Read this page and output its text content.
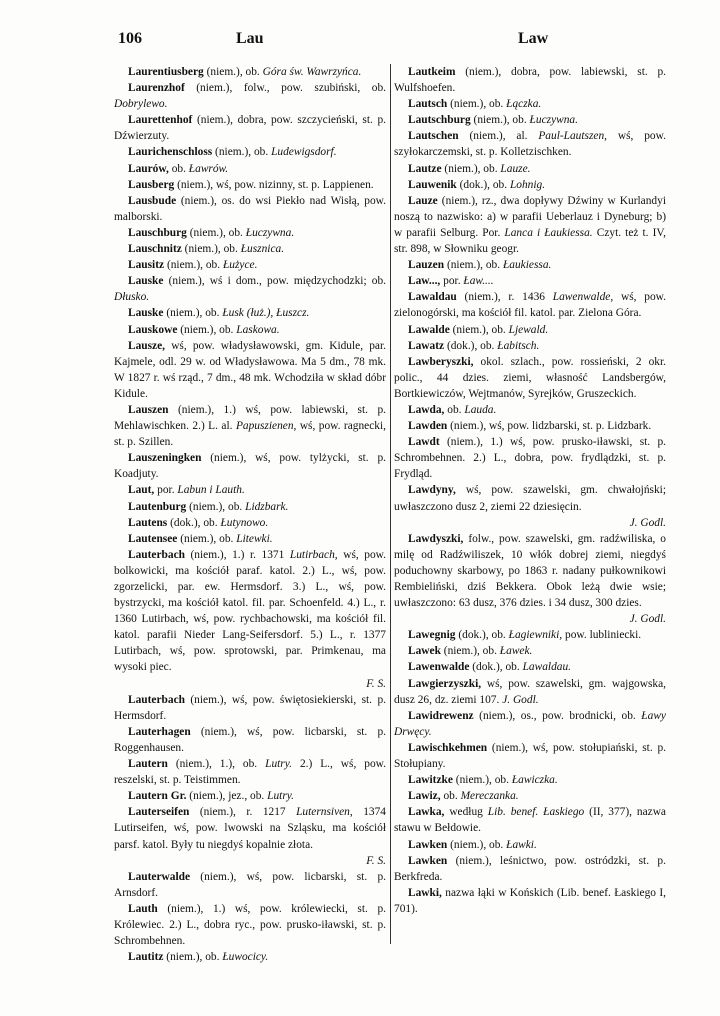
106	Lau	Law

Laurentiusberg (niem.), ob. Góra św. Wawrzyńca.

Laurenzhof (niem.), folw., pow. szubiński, ob. Dobrylewo.

Laurettenhof (niem.), dobra, pow. szczycieński, st. p. Dźwierzuty.

Laurichenschloss (niem.), ob. Ludewigsdorf.

Laurów, ob. Ławrów.

Lausberg (niem.), wś, pow. nizinny, st. p. Lappienen.

Lausbude (niem.), os. do wsi Piekło nad Wisłą, pow. malborski.

Lauschburg (niem.), ob. Łuczywna.

Lauschnitz (niem.), ob. Łusznica.

Lausitz (niem.), ob. Łużyce.

Lauske (niem.), wś i dom., pow. międzychodzki; ob. Dłusko.

Lauske (niem.), ob. Łusk (łuż.), Łuszcz.

Lauskowe (niem.), ob. Laskowa.

Lausze, wś, pow. władysławowski, gm. Kidule, par. Kajmele, odl. 29 w. od Władysławowa. Ma 5 dm., 78 mk. W 1827 r. wś rząd., 7 dm., 48 mk. Wchodziła w skład dóbr Kidule.

Lauszen (niem.), 1.) wś, pow. labiewski, st. p. Mehlawischken. 2.) L. al. Papuszienen, wś, pow. ragnecki, st. p. Szillen.

Lauszeningken (niem.), wś, pow. tylżycki, st. p. Koadjuty.

Laut, por. Labun i Lauth.

Lautenburg (niem.), ob. Lidzbark.

Lautens (dok.), ob. Łutynowo.

Lautensee (niem.), ob. Litewki.

Lauterbach (niem.), 1.) r. 1371 Lutirbach, wś, pow. bolkowicki, ma kościół paraf. katol. 2.) L., wś, pow. zgorzelicki, par. ew. Hermsdorf. 3.) L., wś, pow. bystrzycki, ma kościół katol. fil. par. Schoenfeld. 4.) L., r. 1360 Lutirbach, wś, pow. rychbachowski, ma kościół fil. katol. parafii Nieder Lang-Seifersdorf. 5.) L., r. 1377 Lutirbach, wś, pow. sprotowski, par. Primkenau, ma wysoki piec.
F. S.

Lauterbach (niem.), wś, pow. świętosiekierski, st. p. Hermsdorf.

Lauterhagen (niem.), wś, pow. licbarski, st. p. Roggenhausen.

Lautern (niem.), 1.), ob. Lutry. 2.) L., wś, pow. reszelski, st. p. Teistimmen.

Lautern Gr. (niem.), jez., ob. Lutry.

Lauterseifen (niem.), r. 1217 Luternsiven, 1374 Lutirseifen, wś, pow. lwowski na Szląsku, ma kościół parsf. katol. Były tu niegdyś kopalnie złota.
F. S.

Lauterwalde (niem.), wś, pow. licbarski, st. p. Arnsdorf.

Lauth (niem.), 1.) wś, pow. królewiecki, st. p. Królewiec. 2.) L., dobra ryc., pow. prusko-iławski, st. p. Schrombehnen.

Lautitz (niem.), ob. Łuwocicy.

Lautkeim (niem.), dobra, pow. labiewski, st. p. Wulfshoefen.

Lautsch (niem.), ob. Łączka.

Lautschburg (niem.), ob. Łuczywna.

Lautschen (niem.), al. Paul-Lautszen, wś, pow. szyłokarczemski, st. p. Kolletzischken.

Lautze (niem.), ob. Lauze.

Lauwenik (dok.), ob. Lohnig.

Lauze (niem.), rz., dwa dopływy Dźwiny w Kurlandyi noszą to nazwisko: a) w parafii Ueberlauz i Dyneburg; b) w parafii Selburg. Por. Lanca i Łaukiessa. Czyt. też t. IV, str. 898, w Słowniku geogr.

Lauzen (niem.), ob. Łaukiessa.

Law..., por. Ław....

Lawaldau (niem.), r. 1436 Lawenwalde, wś, pow. zielonogórski, ma kościół fil. katol. par. Zielona Góra.

Lawalde (niem.), ob. Ljewald.

Lawatz (dok.), ob. Łabitsch.

Lawberyszki, okol. szlach., pow. rossieński, 2 okr. polic., 44 dzies. ziemi, własność Landsbergów, Bortkiewiczów, Wejtmanów, Syrejków, Gruszeckich.

Lawda, ob. Lauda.

Lawden (niem.), wś, pow. lidzbarski, st. p. Lidzbark.

Lawdt (niem.), 1.) wś, pow. prusko-iławski, st. p. Schrombehnen. 2.) L., dobra, pow. frydlądzki, st. p. Frydląd.

Lawdyny, wś, pow. szawelski, gm. chwałojński; uwłaszczono dusz 2, ziemi 22 dziesięcin.
J. Godl.

Lawdyszki, folw., pow. szawelski, gm. radźwiliska, o milę od Radźwiliszek, 10 włók dobrej ziemi, niegdyś poduchowny skarbowy, po 1863 r. nadany pułkownikowi Rembieliński, dziś Bekkera. Obok leżą dwie wsie; uwłaszczono: 63 dusz, 376 dzies. i 34 dusz, 300 dzies.
J. Godl.

Lawegnig (dok.), ob. Łagiewniki, pow. lubliniecki.

Lawek (niem.), ob. Ławek.

Lawenwalde (dok.), ob. Lawaldau.

Lawgierzyszki, wś, pow. szawelski, gm. wajgowska, dusz 26, dz. ziemi 107. J. Godl.

Lawidrewenz (niem.), os., pow. brodnicki, ob. Ławy Drwęcy.

Lawischkehmen (niem.), wś, pow. stołupiański, st. p. Stołupiany.

Lawitzke (niem.), ob. Ławiczka.

Lawiz, ob. Mereczanka.

Lawka, według Lib. benef. Łaskiego (II, 377), nazwa stawu w Bełdowie.

Lawken (niem.), ob. Ławki.

Lawken (niem.), leśnictwo, pow. ostródzki, st. p. Berkfreda.

Lawki, nazwa łąki w Końskich (Lib. benef. Łaskiego I, 701).
